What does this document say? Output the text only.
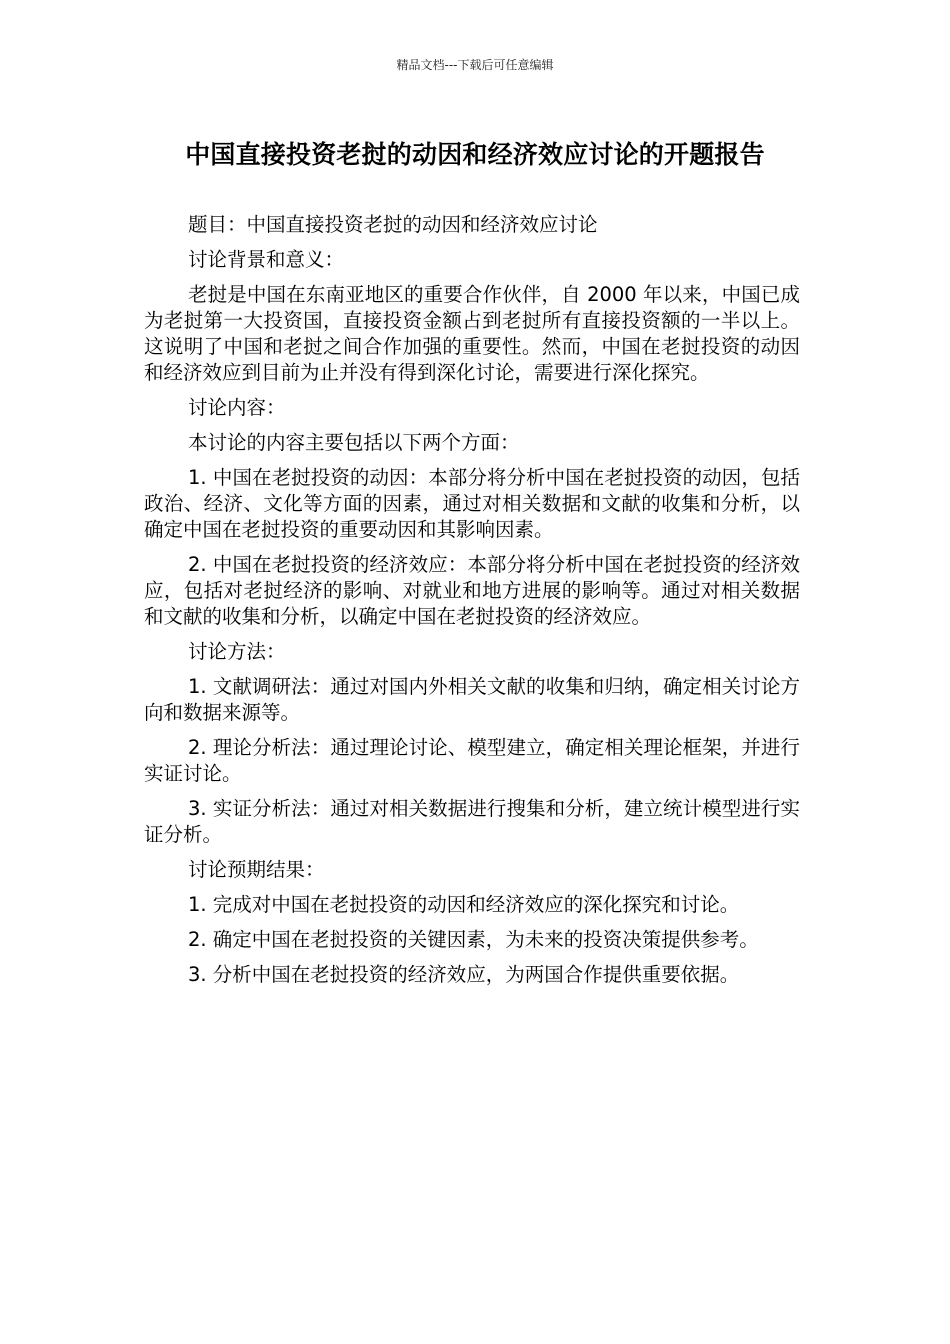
精品文档---下载后可任意编辑
中国直接投资老挝的动因和经济效应讨论的开题报告

题目：中国直接投资老挝的动因和经济效应讨论

讨论背景和意义：

老挝是中国在东南亚地区的重要合作伙伴，自 2000 年以来，中国已成为老挝第一大投资国，直接投资金额占到老挝所有直接投资额的一半以上。这说明了中国和老挝之间合作加强的重要性。然而，中国在老挝投资的动因和经济效应到目前为止并没有得到深化讨论，需要进行深化探究。

讨论内容：

本讨论的内容主要包括以下两个方面：

1. 中国在老挝投资的动因：本部分将分析中国在老挝投资的动因，包括政治、经济、文化等方面的因素，通过对相关数据和文献的收集和分析，以确定中国在老挝投资的重要动因和其影响因素。

2. 中国在老挝投资的经济效应：本部分将分析中国在老挝投资的经济效应，包括对老挝经济的影响、对就业和地方进展的影响等。通过对相关数据和文献的收集和分析，以确定中国在老挝投资的经济效应。

讨论方法：

1. 文献调研法：通过对国内外相关文献的收集和归纳，确定相关讨论方向和数据来源等。

2. 理论分析法：通过理论讨论、模型建立，确定相关理论框架，并进行实证讨论。

3. 实证分析法：通过对相关数据进行搜集和分析，建立统计模型进行实证分析。

讨论预期结果：

1. 完成对中国在老挝投资的动因和经济效应的深化探究和讨论。

2. 确定中国在老挝投资的关键因素，为未来的投资决策提供参考。

3. 分析中国在老挝投资的经济效应，为两国合作提供重要依据。
